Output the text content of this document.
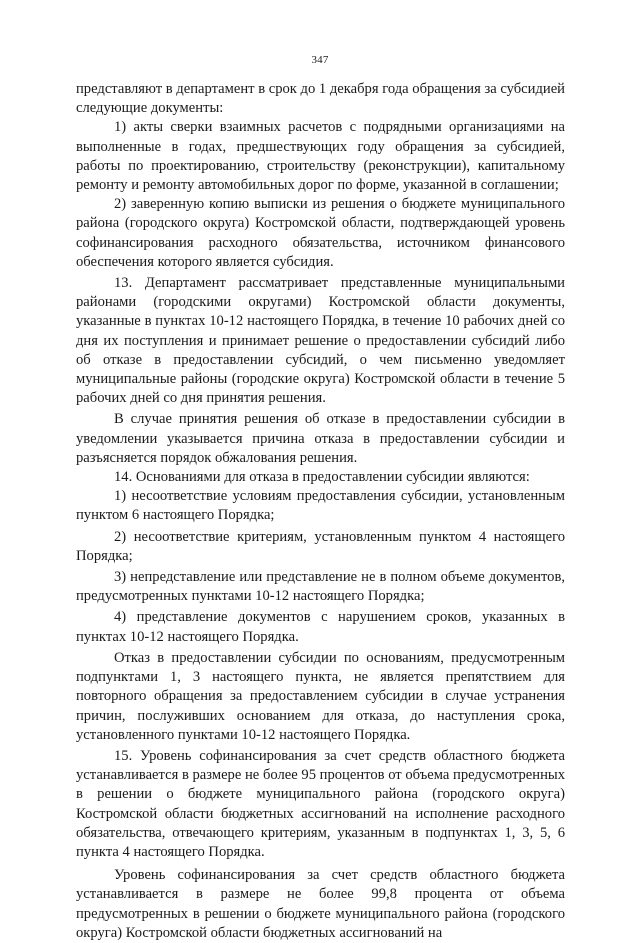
347

представляют в департамент в срок до 1 декабря года обращения за субсидией следующие документы:

1) акты сверки взаимных расчетов с подрядными организациями на выполненные в годах, предшествующих году обращения за субсидией, работы по проектированию, строительству (реконструкции), капитальному ремонту и ремонту автомобильных дорог по форме, указанной в соглашении;

2) заверенную копию выписки из решения о бюджете муниципального района (городского округа) Костромской области, подтверждающей уровень софинансирования расходного обязательства, источником финансового обеспечения которого является субсидия.

13. Департамент рассматривает представленные муниципальными районами (городскими округами) Костромской области документы, указанные в пунктах 10-12 настоящего Порядка, в течение 10 рабочих дней со дня их поступления и принимает решение о предоставлении субсидий либо об отказе в предоставлении субсидий, о чем письменно уведомляет муниципальные районы (городские округа) Костромской области в течение 5 рабочих дней со дня принятия решения.

В случае принятия решения об отказе в предоставлении субсидии в уведомлении указывается причина отказа в предоставлении субсидии и разъясняется порядок обжалования решения.

14. Основаниями для отказа в предоставлении субсидии являются:

1) несоответствие условиям предоставления субсидии, установленным пунктом 6 настоящего Порядка;

2) несоответствие критериям, установленным пунктом 4 настоящего Порядка;

3) непредставление или представление не в полном объеме документов, предусмотренных пунктами 10-12 настоящего Порядка;

4) представление документов с нарушением сроков, указанных в пунктах 10-12 настоящего Порядка.

Отказ в предоставлении субсидии по основаниям, предусмотренным подпунктами 1, 3 настоящего пункта, не является препятствием для повторного обращения за предоставлением субсидии в случае устранения причин, послуживших основанием для отказа, до наступления срока, установленного пунктами 10-12 настоящего Порядка.

15. Уровень софинансирования за счет средств областного бюджета устанавливается в размере не более 95 процентов от объема предусмотренных в решении о бюджете муниципального района (городского округа) Костромской области бюджетных ассигнований на исполнение расходного обязательства, отвечающего критериям, указанным в подпунктах 1, 3, 5, 6 пункта 4 настоящего Порядка.

Уровень софинансирования за счет средств областного бюджета устанавливается в размере не более 99,8 процента от объема предусмотренных в решении о бюджете муниципального района (городского округа) Костромской области бюджетных ассигнований на
